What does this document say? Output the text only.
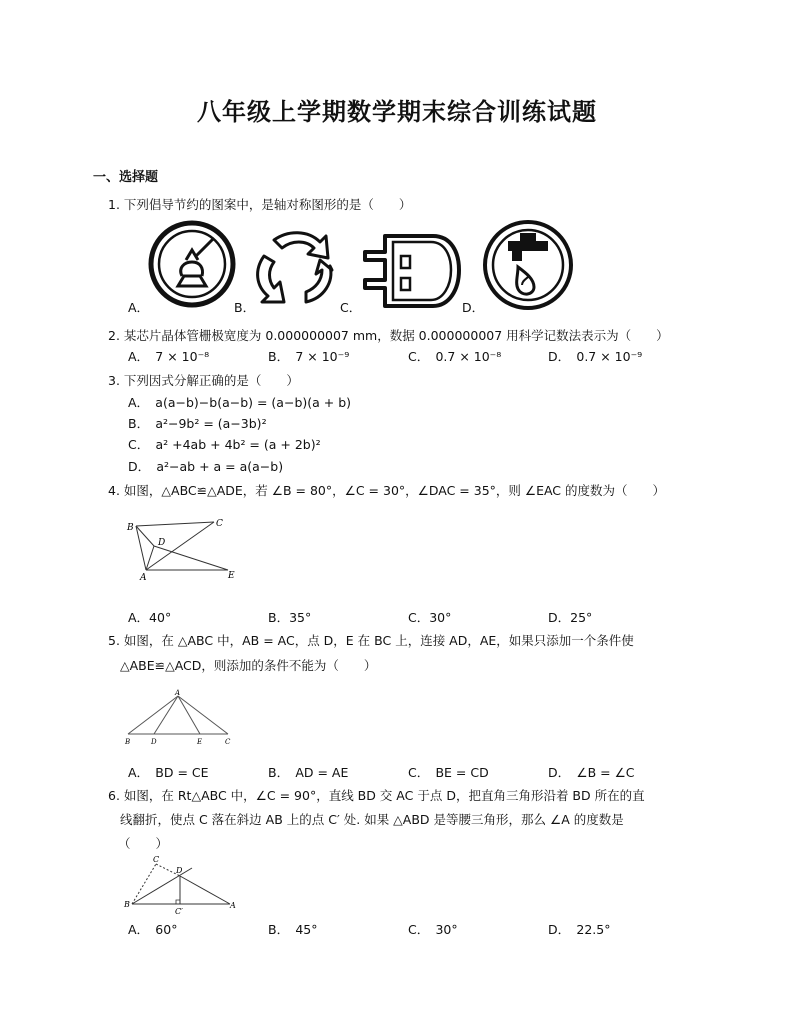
八年级上学期数学期末综合训练试题
一、选择题
1. 下列倡导节约的图案中，是轴对称图形的是（　　）
A．	B．	C．	D．
2. 某芯片晶体管栅极宽度为 0.000000007 mm，数据 0.000000007 用科学记数法表示为（　　）
A．　7 × 10⁻⁸	B．　7 × 10⁻⁹	C．　0.7 × 10⁻⁸	D．　0.7 × 10⁻⁹
3. 下列因式分解正确的是（　　）
A．　a(a−b)−b(a−b) = (a−b)(a + b)
B．　a²−9b² = (a−3b)²
C．　a² +4ab + 4b² = (a + 2b)²
D．　a²−ab + a = a(a−b)
4. 如图，△ABC≌△ADE，若 ∠B = 80°，∠C = 30°，∠DAC = 35°，则 ∠EAC 的度数为（　　）
B	C
D
A	E
A．40°	B．35°	C．30°	D．25°
5. 如图，在 △ABC 中，AB = AC，点 D，E 在 BC 上，连接 AD，AE，如果只添加一个条件使
△ABE≌△ACD，则添加的条件不能为（　　）
A
B	D	E	C
A．　BD = CE	B．　AD = AE	C．　BE = CD	D．　∠B = ∠C
6. 如图，在 Rt△ABC 中，∠C = 90°，直线 BD 交 AC 于点 D，把直角三角形沿着 BD 所在的直
线翻折，使点 C 落在斜边 AB 上的点 C′ 处. 如果 △ABD 是等腰三角形，那么 ∠A 的度数是
（　　）
C
D
B
C′
A
A．　60°	B．　45°	C．　30°	D．　22.5°
